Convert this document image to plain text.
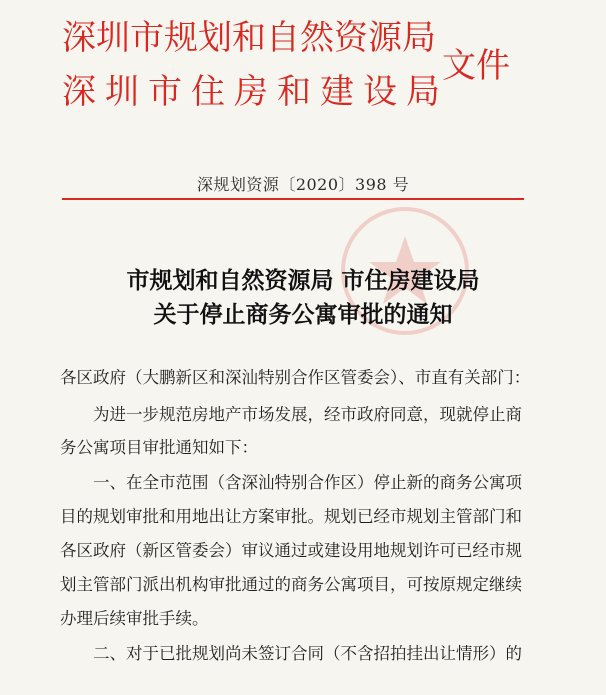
深圳市规划和自然资源局
深圳市住房和建设局
文件
深规划资源〔2020〕398 号
市规划和自然资源局 市住房建设局
关于停止商务公寓审批的通知
各区政府（大鹏新区和深汕特别合作区管委会）、市直有关部门：
为进一步规范房地产市场发展，经市政府同意，现就停止商
务公寓项目审批通知如下：
一、在全市范围（含深汕特别合作区）停止新的商务公寓项
目的规划审批和用地出让方案审批。规划已经市规划主管部门和
各区政府（新区管委会）审议通过或建设用地规划许可已经市规
划主管部门派出机构审批通过的商务公寓项目，可按原规定继续
办理后续审批手续。
二、对于已批规划尚未签订合同（不含招拍挂出让情形）的
